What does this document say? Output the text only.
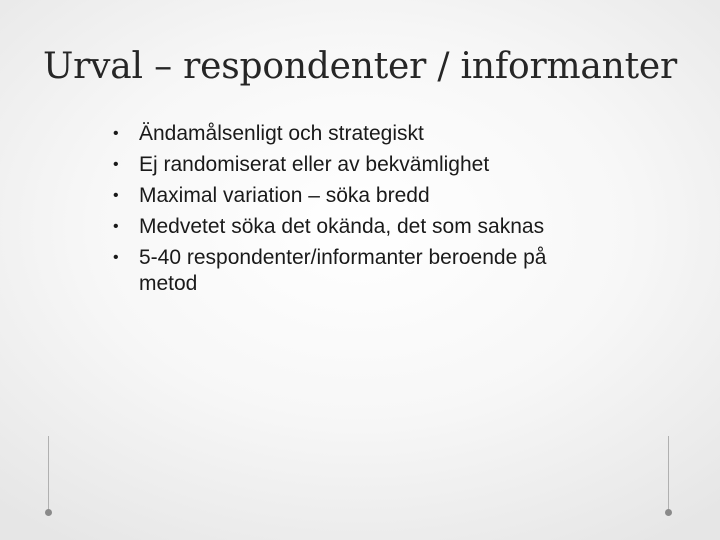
Urval – respondenter / informanter
• Ändamålsenligt och strategiskt
• Ej randomiserat eller av bekvämlighet
• Maximal variation – söka bredd
• Medvetet söka det okända, det som saknas
• 5-40 respondenter/informanter beroende på metod
